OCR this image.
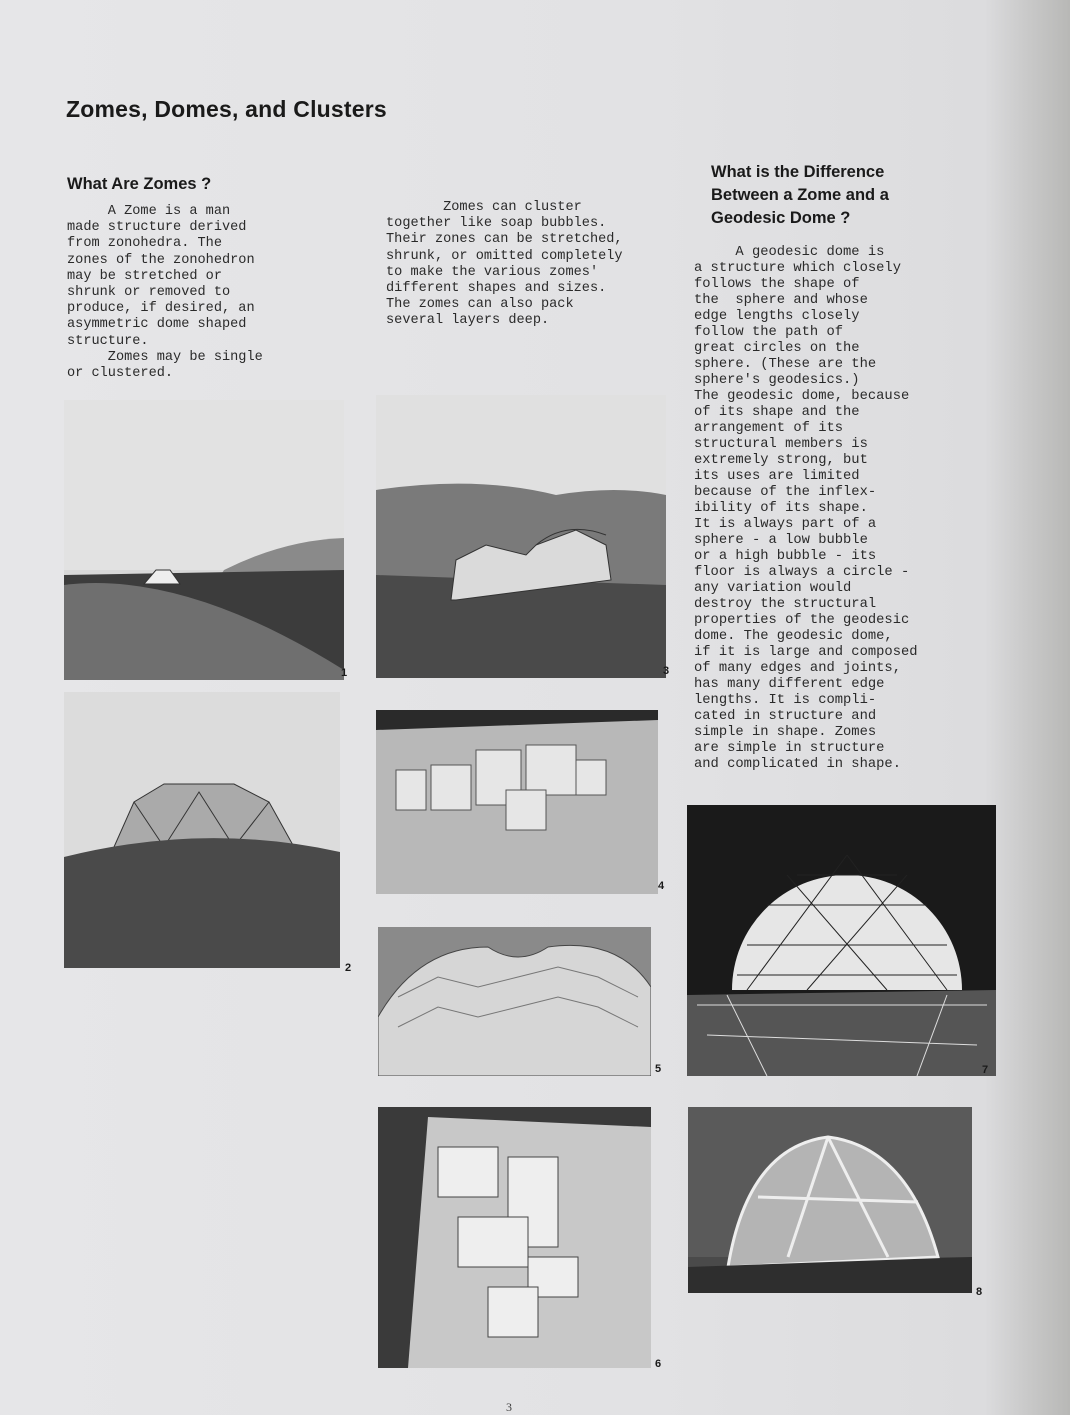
Zomes, Domes, and Clusters
What Are Zomes ?
A Zome is a man
made structure derived
from zonohedra. The
zones of the zonohedron
may be stretched or
shrunk or removed to
produce, if desired, an
asymmetric dome shaped
structure.
Zomes may be single
or clustered.
Zomes can cluster
together like soap bubbles.
Their zones can be stretched,
shrunk, or omitted completely
to make the various zomes'
different shapes and sizes.
The zomes can also pack
several layers deep.
What is the Difference
Between a Zome and a
Geodesic Dome ?
A geodesic dome is
a structure which closely
follows the shape of
the  sphere and whose
edge lengths closely
follow the path of
great circles on the
sphere. (These are the
sphere's geodesics.)
The geodesic dome, because
of its shape and the
arrangement of its
structural members is
extremely strong, but
its uses are limited
because of the inflex-
ibility of its shape.
It is always part of a
sphere - a low bubble
or a high bubble - its
floor is always a circle -
any variation would
destroy the structural
properties of the geodesic
dome. The geodesic dome,
if it is large and composed
of many edges and joints,
has many different edge
lengths. It is compli-
cated in structure and
simple in shape. Zomes
are simple in structure
and complicated in shape.
1
2
3
4
5
6
7
8
3
